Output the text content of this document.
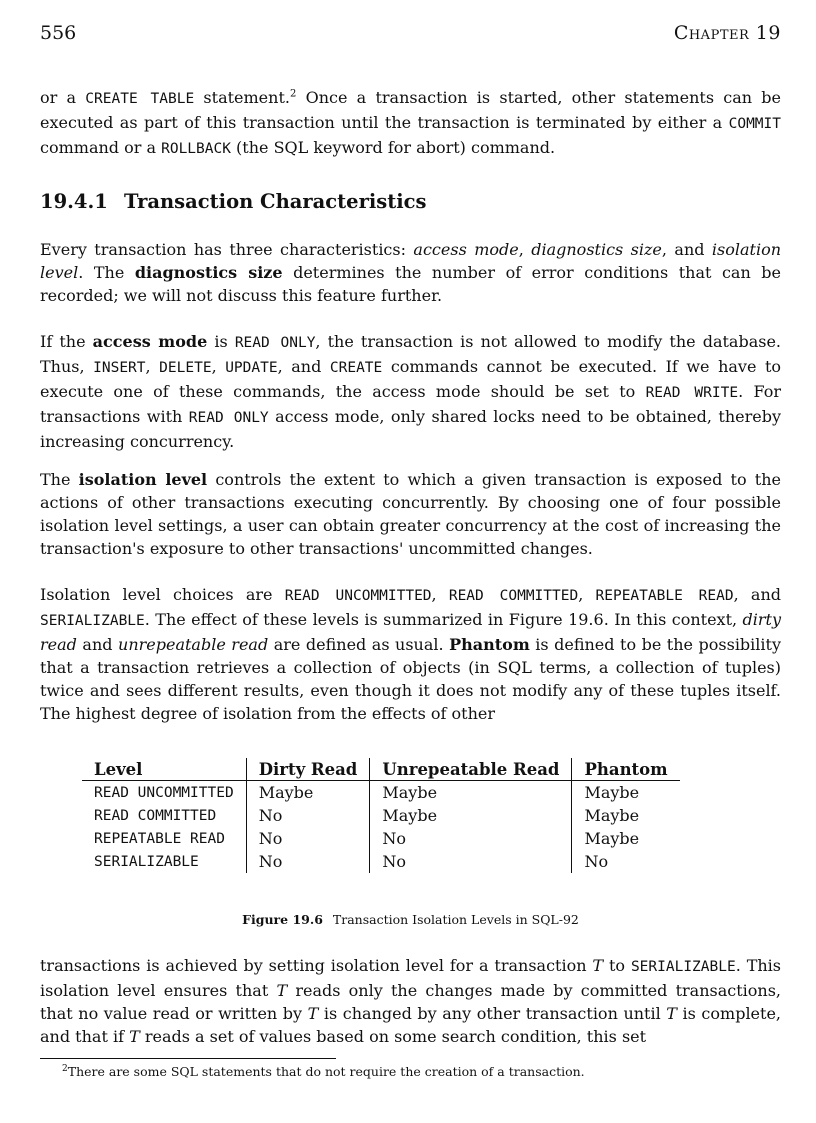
556	Chapter 19

or a CREATE TABLE statement.$^2$ Once a transaction is started, other statements can be executed as part of this transaction until the transaction is terminated by either a COMMIT command or a ROLLBACK (the SQL keyword for abort) command.

19.4.1 Transaction Characteristics

Every transaction has three characteristics: access mode, diagnostics size, and isolation level. The diagnostics size determines the number of error conditions that can be recorded; we will not discuss this feature further.

If the access mode is READ ONLY, the transaction is not allowed to modify the database. Thus, INSERT, DELETE, UPDATE, and CREATE commands cannot be executed. If we have to execute one of these commands, the access mode should be set to READ WRITE. For transactions with READ ONLY access mode, only shared locks need to be obtained, thereby increasing concurrency.

The isolation level controls the extent to which a given transaction is exposed to the actions of other transactions executing concurrently. By choosing one of four possible isolation level settings, a user can obtain greater concurrency at the cost of increasing the transaction's exposure to other transactions' uncommitted changes.

Isolation level choices are READ UNCOMMITTED, READ COMMITTED, REPEATABLE READ, and SERIALIZABLE. The effect of these levels is summarized in Figure 19.6. In this context, dirty read and unrepeatable read are defined as usual. Phantom is defined to be the possibility that a transaction retrieves a collection of objects (in SQL terms, a collection of tuples) twice and sees different results, even though it does not modify any of these tuples itself. The highest degree of isolation from the effects of other

Level	Dirty Read	Unrepeatable Read	Phantom
READ UNCOMMITTED	Maybe	Maybe	Maybe
READ COMMITTED	No	Maybe	Maybe
REPEATABLE READ	No	No	Maybe
SERIALIZABLE	No	No	No
Figure 19.6 Transaction Isolation Levels in SQL-92

transactions is achieved by setting isolation level for a transaction T to SERIALIZABLE. This isolation level ensures that T reads only the changes made by committed transactions, that no value read or written by T is changed by any other transaction until T is complete, and that if T reads a set of values based on some search condition, this set

$^2$There are some SQL statements that do not require the creation of a transaction.
